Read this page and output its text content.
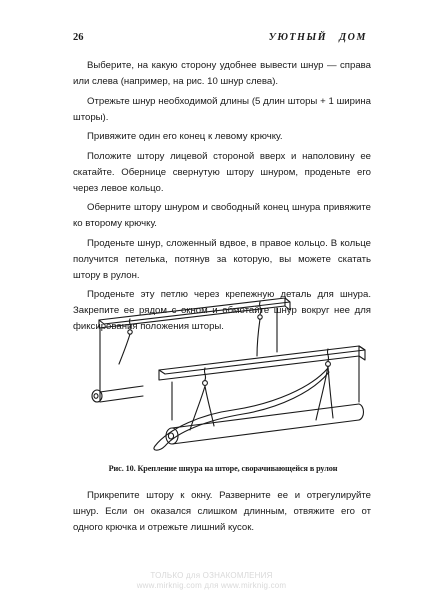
26	УЮТНЫЙ ДОМ

Выберите, на какую сторону удобнее вывести шнур — справа или слева (например, на рис. 10 шнур слева).

Отрежьте шнур необходимой длины (5 длин шторы + 1 ширина шторы).

Привяжите один его конец к левому крючку.

Положите штору лицевой стороной вверх и наполовину ее скатайте. Обернице свернутую штору шнуром, проденьте его через левое кольцо.

Оберните штору шнуром и свободный конец шнура привяжите ко второму крючку.

Проденьте шнур, сложенный вдвое, в правое кольцо. В кольце получится петелька, потянув за которую, вы можете скатать штору в рулон.

Проденьте эту петлю через крепежную деталь для шнура. Закрепите ее рядом с окном и обмотайте шнур вокруг нее для фиксирования положения шторы.

Рис. 10. Крепление шнура на шторе, сворачивающейся в рулон

Прикрепите штору к окну. Разверните ее и отрегулируйте шнур. Если он оказался слишком длинным, отвяжите его от одного крючка и отрежьте лишний кусок.

ТОЛЬКО для ОЗНАКОМЛЕНИЯ
www.mirknig.com для www.mirknig.com
